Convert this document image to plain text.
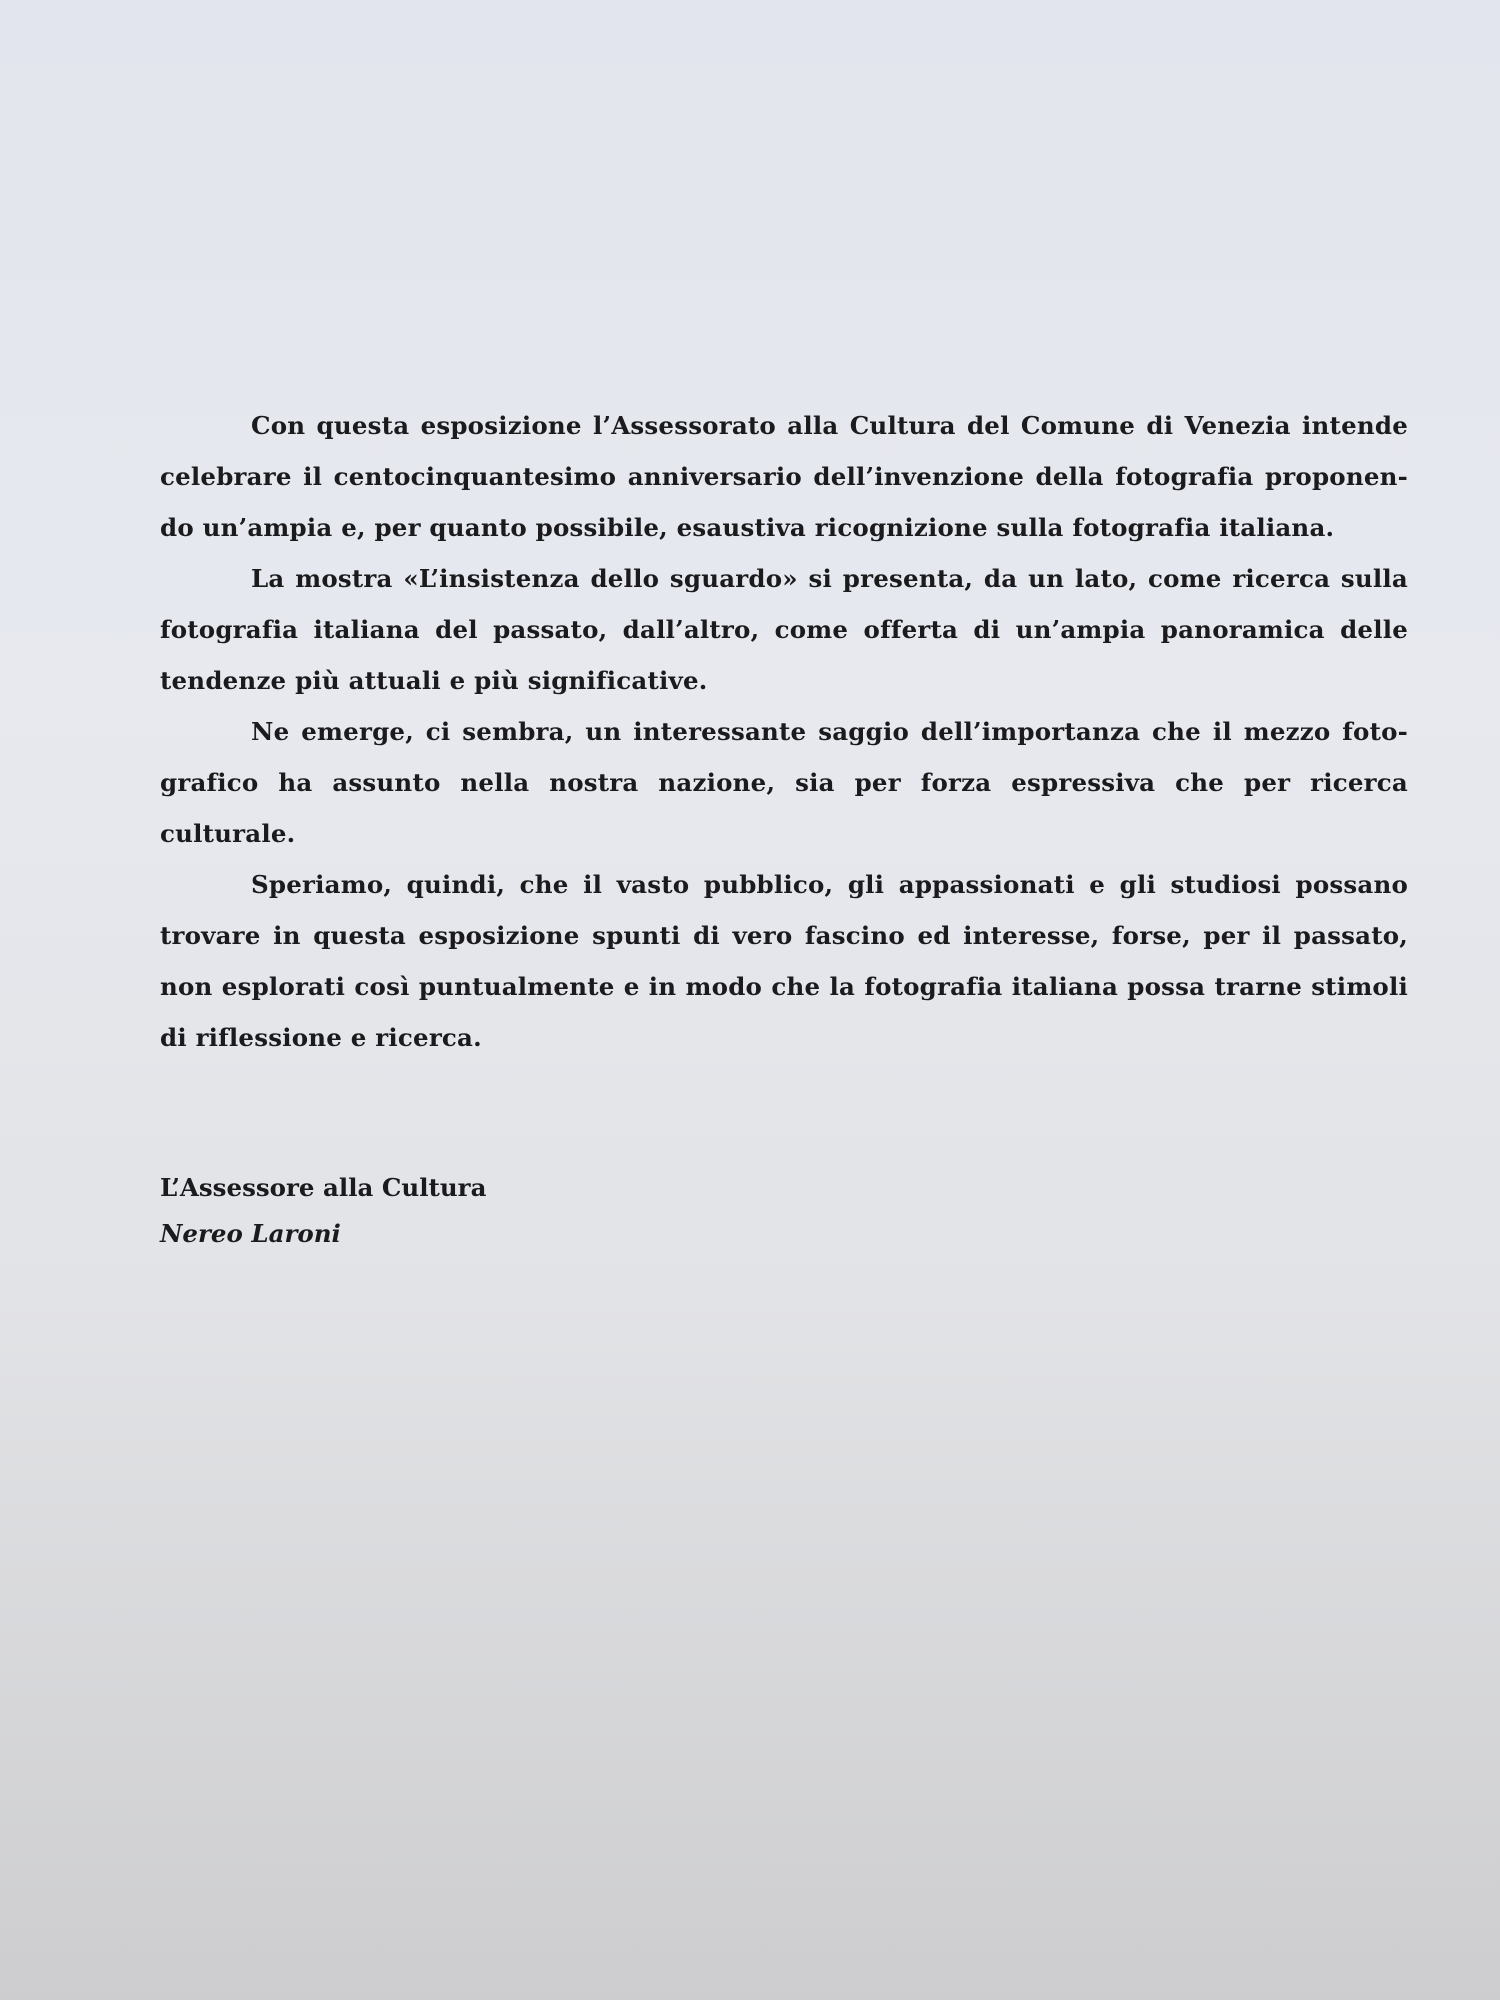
Con questa esposizione l’Assessorato alla Cultura del Comune di Venezia intende
celebrare il centocinquantesimo anniversario dell’invenzione della fotografia proponen-
do un’ampia e, per quanto possibile, esaustiva ricognizione sulla fotografia italiana.
La mostra «L’insistenza dello sguardo» si presenta, da un lato, come ricerca sulla
fotografia italiana del passato, dall’altro, come offerta di un’ampia panoramica delle
tendenze più attuali e più significative.
Ne emerge, ci sembra, un interessante saggio dell’importanza che il mezzo foto-
grafico ha assunto nella nostra nazione, sia per forza espressiva che per ricerca
culturale.
Speriamo, quindi, che il vasto pubblico, gli appassionati e gli studiosi possano
trovare in questa esposizione spunti di vero fascino ed interesse, forse, per il passato,
non esplorati così puntualmente e in modo che la fotografia italiana possa trarne stimoli
di riflessione e ricerca.
L’Assessore alla Cultura
Nereo Laroni
